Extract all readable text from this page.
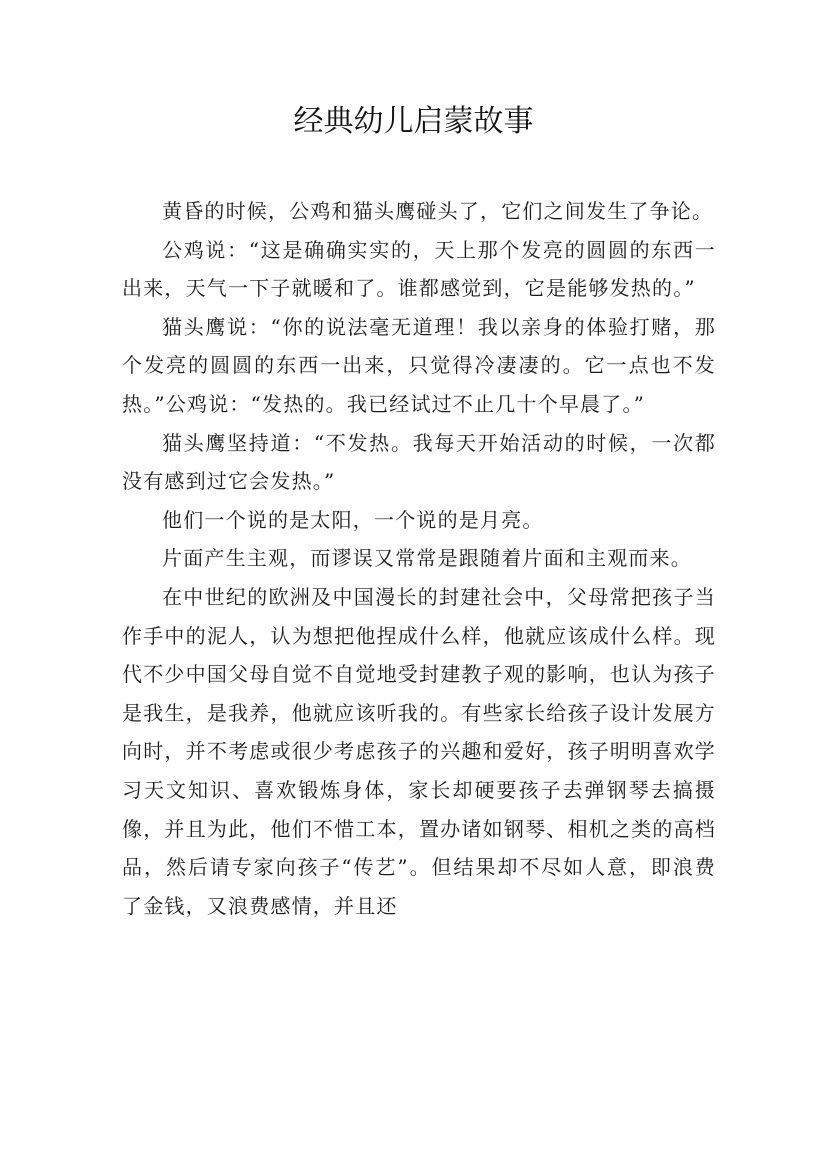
经典幼儿启蒙故事

黄昏的时候，公鸡和猫头鹰碰头了，它们之间发生了争论。

公鸡说：“这是确确实实的，天上那个发亮的圆圆的东西一出来，天气一下子就暖和了。谁都感觉到，它是能够发热的。”

猫头鹰说：“你的说法毫无道理！我以亲身的体验打赌，那个发亮的圆圆的东西一出来，只觉得冷凄凄的。它一点也不发热。”公鸡说：“发热的。我已经试过不止几十个早晨了。”

猫头鹰坚持道：“不发热。我每天开始活动的时候，一次都没有感到过它会发热。”

他们一个说的是太阳，一个说的是月亮。

片面产生主观，而谬误又常常是跟随着片面和主观而来。

在中世纪的欧洲及中国漫长的封建社会中，父母常把孩子当作手中的泥人，认为想把他捏成什么样，他就应该成什么样。现代不少中国父母自觉不自觉地受封建教子观的影响，也认为孩子是我生，是我养，他就应该听我的。有些家长给孩子设计发展方向时，并不考虑或很少考虑孩子的兴趣和爱好，孩子明明喜欢学习天文知识、喜欢锻炼身体，家长却硬要孩子去弹钢琴去搞摄像，并且为此，他们不惜工本，置办诸如钢琴、相机之类的高档品，然后请专家向孩子“传艺”。但结果却不尽如人意，即浪费了金钱，又浪费感情，并且还
